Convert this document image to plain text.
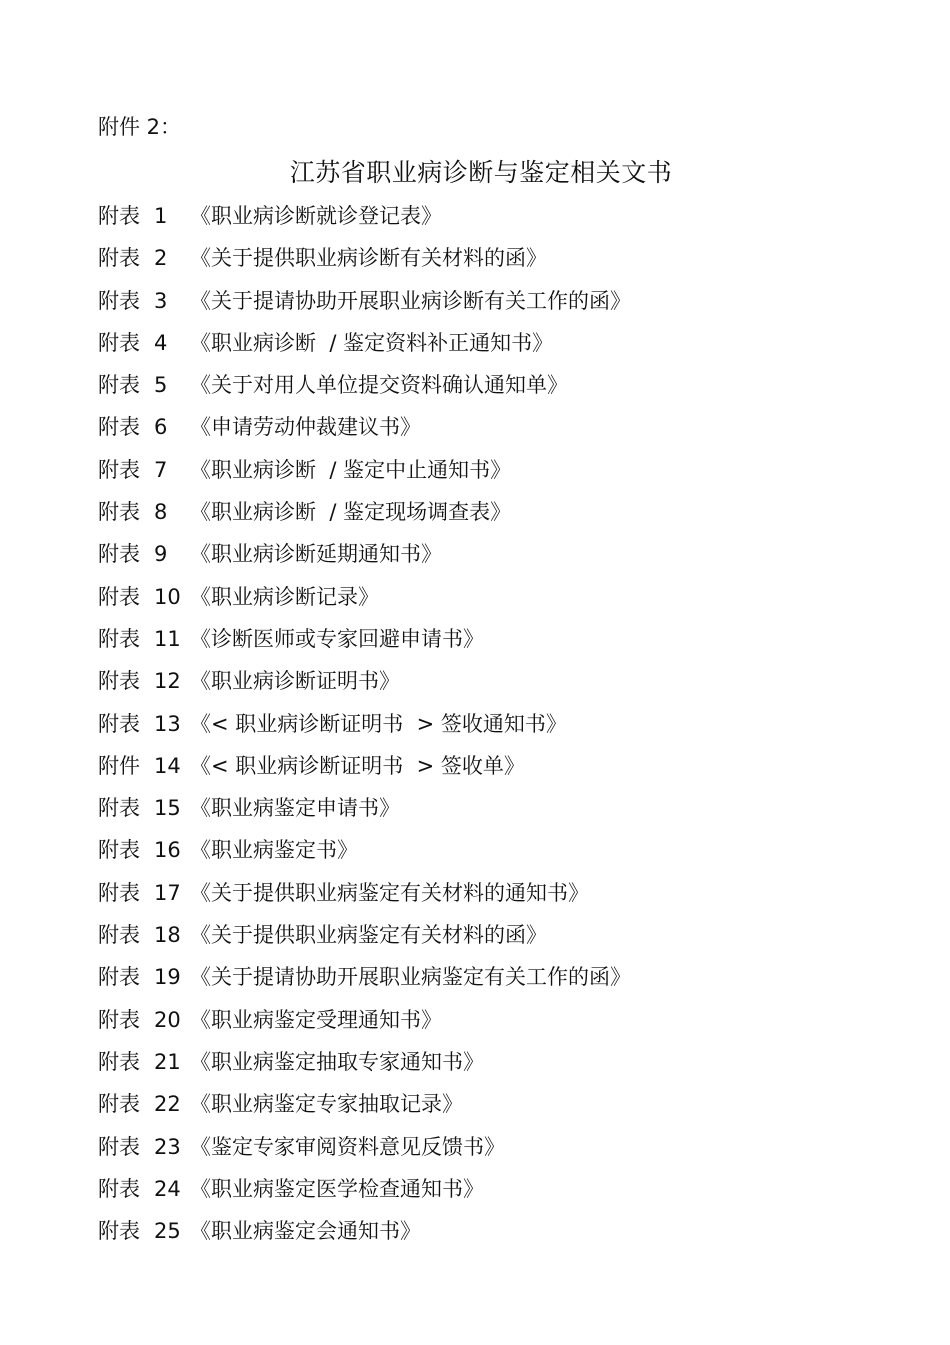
附件 2：
江苏省职业病诊断与鉴定相关文书
附表 1	《职业病诊断就诊登记表》
附表 2	《关于提供职业病诊断有关材料的函》
附表 3	《关于提请协助开展职业病诊断有关工作的函》
附表 4	《职业病诊断  / 鉴定资料补正通知书》
附表 5	《关于对用人单位提交资料确认通知单》
附表 6	《申请劳动仲裁建议书》
附表 7	《职业病诊断  / 鉴定中止通知书》
附表 8	《职业病诊断  / 鉴定现场调查表》
附表 9	《职业病诊断延期通知书》
附表 10 《职业病诊断记录》
附表 11 《诊断医师或专家回避申请书》
附表 12 《职业病诊断证明书》
附表 13 《< 职业病诊断证明书  > 签收通知书》
附件 14 《< 职业病诊断证明书  > 签收单》
附表 15 《职业病鉴定申请书》
附表 16 《职业病鉴定书》
附表 17 《关于提供职业病鉴定有关材料的通知书》
附表 18 《关于提供职业病鉴定有关材料的函》
附表 19 《关于提请协助开展职业病鉴定有关工作的函》
附表 20 《职业病鉴定受理通知书》
附表 21 《职业病鉴定抽取专家通知书》
附表 22 《职业病鉴定专家抽取记录》
附表 23 《鉴定专家审阅资料意见反馈书》
附表 24 《职业病鉴定医学检查通知书》
附表 25 《职业病鉴定会通知书》
